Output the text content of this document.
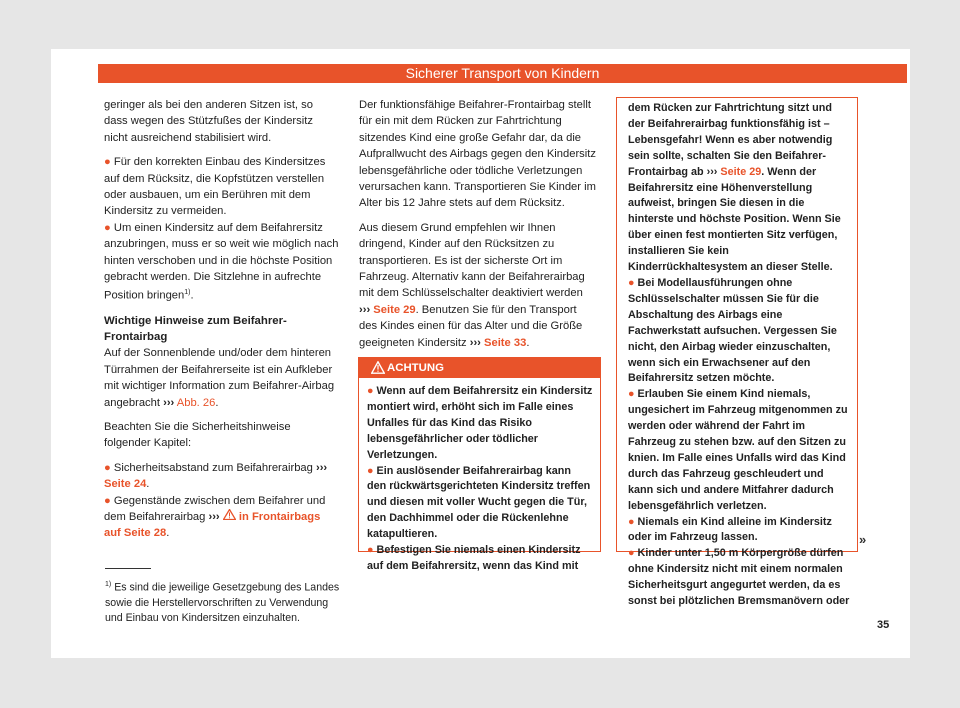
Sicherer Transport von Kindern

geringer als bei den anderen Sitzen ist, so dass wegen des Stützfußes der Kindersitz nicht ausreichend stabilisiert wird.

● Für den korrekten Einbau des Kindersitzes auf dem Rücksitz, die Kopfstützen verstellen oder ausbauen, um ein Berühren mit dem Kindersitz zu vermeiden.

● Um einen Kindersitz auf dem Beifahrersitz anzubringen, muss er so weit wie möglich nach hinten verschoben und in die höchste Position gebracht werden. Die Sitzlehne in aufrechte Position bringen$^{1)}$.

Wichtige Hinweise zum Beifahrer-Frontairbag

Auf der Sonnenblende und/oder dem hinteren Türrahmen der Beifahrerseite ist ein Aufkleber mit wichtiger Information zum Beifahrer-Airbag angebracht ››› Abb. 26.

Beachten Sie die Sicherheitshinweise folgender Kapitel:

● Sicherheitsabstand zum Beifahrerairbag ››› Seite 24.

● Gegenstände zwischen dem Beifahrer und dem Beifahrerairbag ››› in Frontairbags auf Seite 28.

Der funktionsfähige Beifahrer-Frontairbag stellt für ein mit dem Rücken zur Fahrtrichtung sitzendes Kind eine große Gefahr dar, da die Aufprallwucht des Airbags gegen den Kindersitz lebensgefährliche oder tödliche Verletzungen verursachen kann. Transportieren Sie Kinder im Alter bis 12 Jahre stets auf dem Rücksitz.

Aus diesem Grund empfehlen wir Ihnen dringend, Kinder auf den Rücksitzen zu transportieren. Es ist der sicherste Ort im Fahrzeug. Alternativ kann der Beifahrerairbag mit dem Schlüsselschalter deaktiviert werden ››› Seite 29. Benutzen Sie für den Transport des Kindes einen für das Alter und die Größe geeigneten Kindersitz ››› Seite 33.

ACHTUNG

● Wenn auf dem Beifahrersitz ein Kindersitz montiert wird, erhöht sich im Falle eines Unfalles für das Kind das Risiko lebensgefährlicher oder tödlicher Verletzungen.

● Ein auslösender Beifahrerairbag kann den rückwärtsgerichteten Kindersitz treffen und diesen mit voller Wucht gegen die Tür, den Dachhimmel oder die Rückenlehne katapultieren.

● Befestigen Sie niemals einen Kindersitz auf dem Beifahrersitz, wenn das Kind mit

dem Rücken zur Fahrtrichtung sitzt und der Beifahrerairbag funktionsfähig ist – Lebensgefahr! Wenn es aber notwendig sein sollte, schalten Sie den Beifahrer-Frontairbag ab ››› Seite 29. Wenn der Beifahrersitz eine Höhenverstellung aufweist, bringen Sie diesen in die hinterste und höchste Position. Wenn Sie über einen fest montierten Sitz verfügen, installieren Sie kein Kinderrückhaltesystem an dieser Stelle.

● Bei Modellausführungen ohne Schlüsselschalter müssen Sie für die Abschaltung des Airbags eine Fachwerkstatt aufsuchen. Vergessen Sie nicht, den Airbag wieder einzuschalten, wenn sich ein Erwachsener auf den Beifahrersitz setzen möchte.

● Erlauben Sie einem Kind niemals, ungesichert im Fahrzeug mitgenommen zu werden oder während der Fahrt im Fahrzeug zu stehen bzw. auf den Sitzen zu knien. Im Falle eines Unfalls wird das Kind durch das Fahrzeug geschleudert und kann sich und andere Mitfahrer dadurch lebensgefährlich verletzen.

● Niemals ein Kind alleine im Kindersitz oder im Fahrzeug lassen.

● Kinder unter 1,50 m Körpergröße dürfen ohne Kindersitz nicht mit einem normalen Sicherheitsgurt angegurtet werden, da es sonst bei plötzlichen Bremsmanövern oder

»
$^{1)}$ Es sind die jeweilige Gesetzgebung des Landes sowie die Herstellervorschriften zu Verwendung und Einbau von Kindersitzen einzuhalten.
35
